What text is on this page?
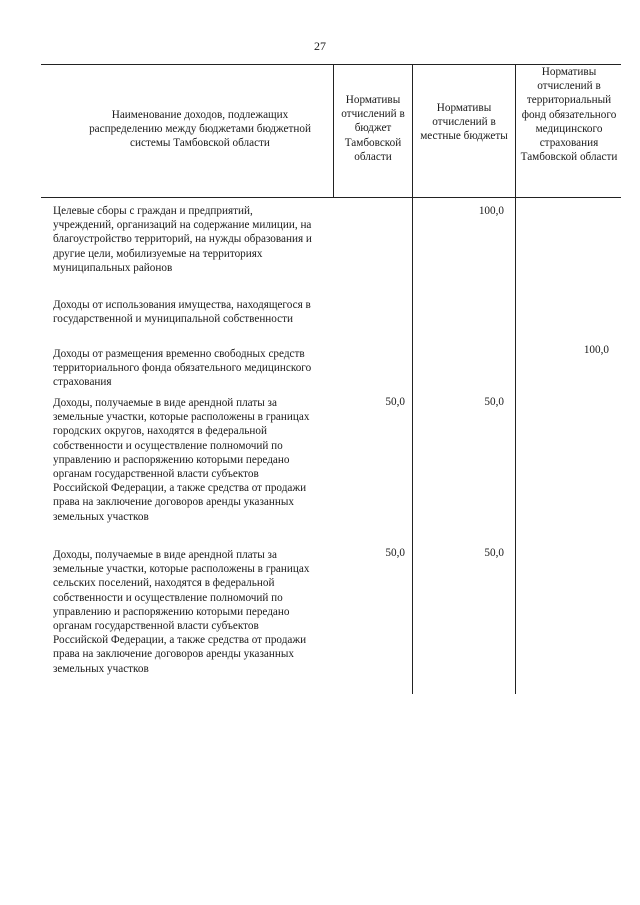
27
Наименование доходов, подлежащих распределению между бюджетами бюджетной системы Тамбовской области
Нормативы отчислений в бюджет Тамбовской области
Нормативы отчислений в местные бюджеты
Нормативы отчислений в территориальный фонд обязательного медицинского страхования Тамбовской области
Целевые сборы с граждан и предприятий, учреждений, организаций на содержание милиции, на благоустройство территорий, на нужды образования и другие цели, мобилизуемые на территориях муниципальных районов
100,0
Доходы от использования имущества, находящегося в государственной и муниципальной собственности
Доходы от размещения временно свободных средств территориального фонда обязательного медицинского страхования
100,0
Доходы, получаемые в виде арендной платы за земельные участки, которые расположены в границах городских округов, находятся в федеральной собственности и осуществление полномочий по управлению и распоряжению которыми передано органам государственной власти субъектов Российской Федерации, а также средства от продажи права на заключение договоров аренды указанных земельных участков
50,0	50,0
Доходы, получаемые в виде арендной платы за земельные участки, которые расположены в границах сельских поселений, находятся в федеральной собственности и осуществление полномочий по управлению и распоряжению которыми передано органам государственной власти субъектов Российской Федерации, а также средства от продажи права на заключение договоров аренды указанных земельных участков
50,0	50,0
